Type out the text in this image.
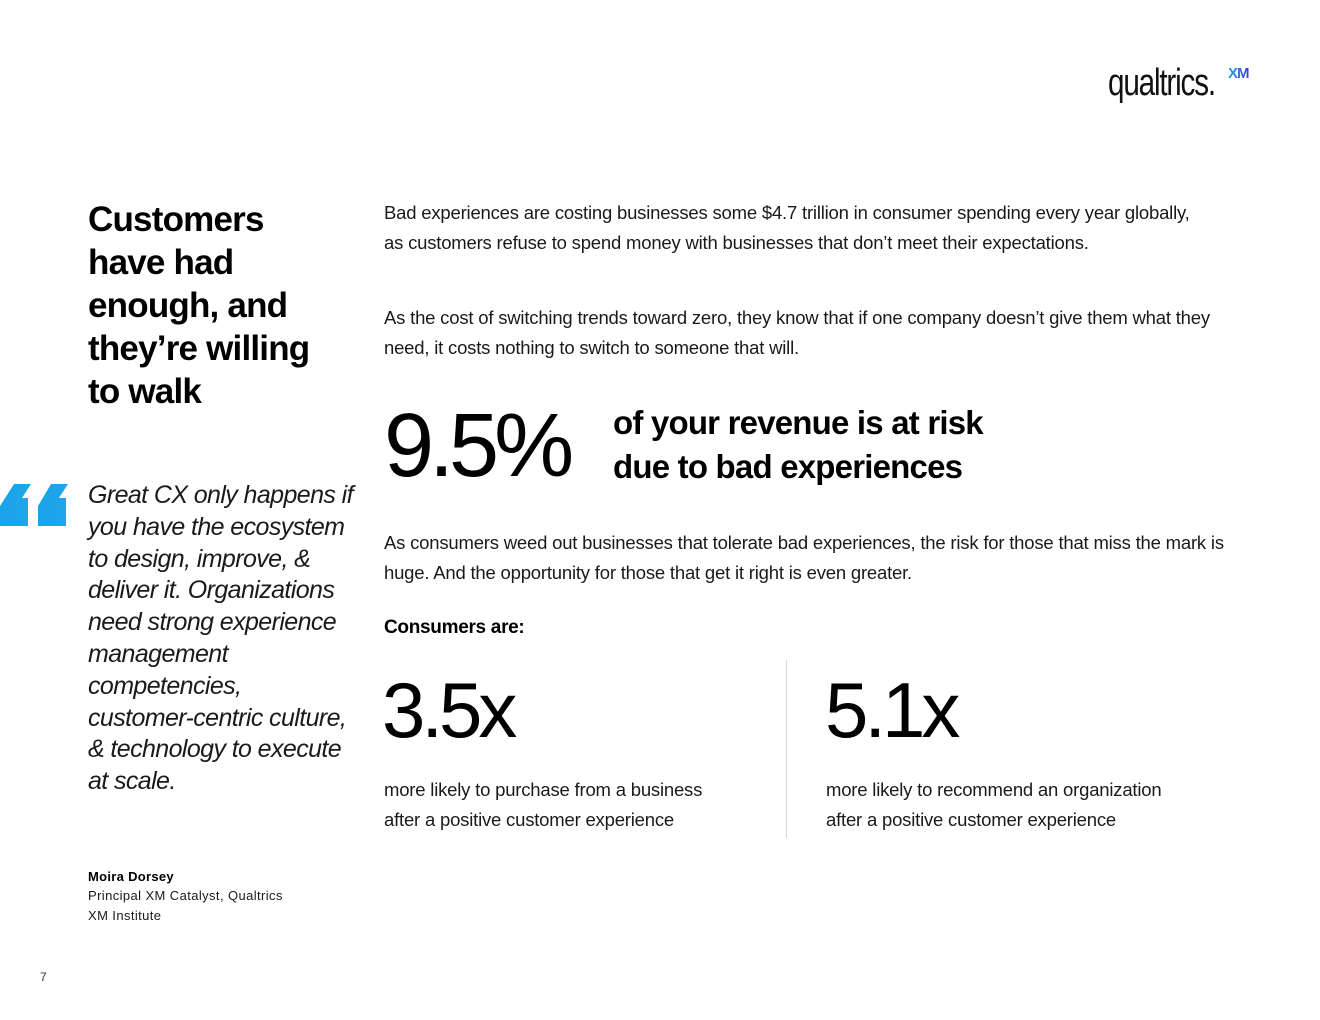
qualtrics. XM
Customers have had enough, and they’re willing to walk

Great CX only happens if you have the ecosystem to design, improve, & deliver it. Organizations need strong experience management competencies, customer-centric culture, & technology to execute at scale.

Moira Dorsey
Principal XM Catalyst, Qualtrics XM Institute

Bad experiences are costing businesses some $4.7 trillion in consumer spending every year globally, as customers refuse to spend money with businesses that don’t meet their expectations.

As the cost of switching trends toward zero, they know that if one company doesn’t give them what they need, it costs nothing to switch to someone that will.

9.5% of your revenue is at risk
due to bad experiences

As consumers weed out businesses that tolerate bad experiences, the risk for those that miss the mark is huge. And the opportunity for those that get it right is even greater.

Consumers are:
3.5x

more likely to purchase from a business
after a positive customer experience

5.1x

more likely to recommend an organization
after a positive customer experience

7
